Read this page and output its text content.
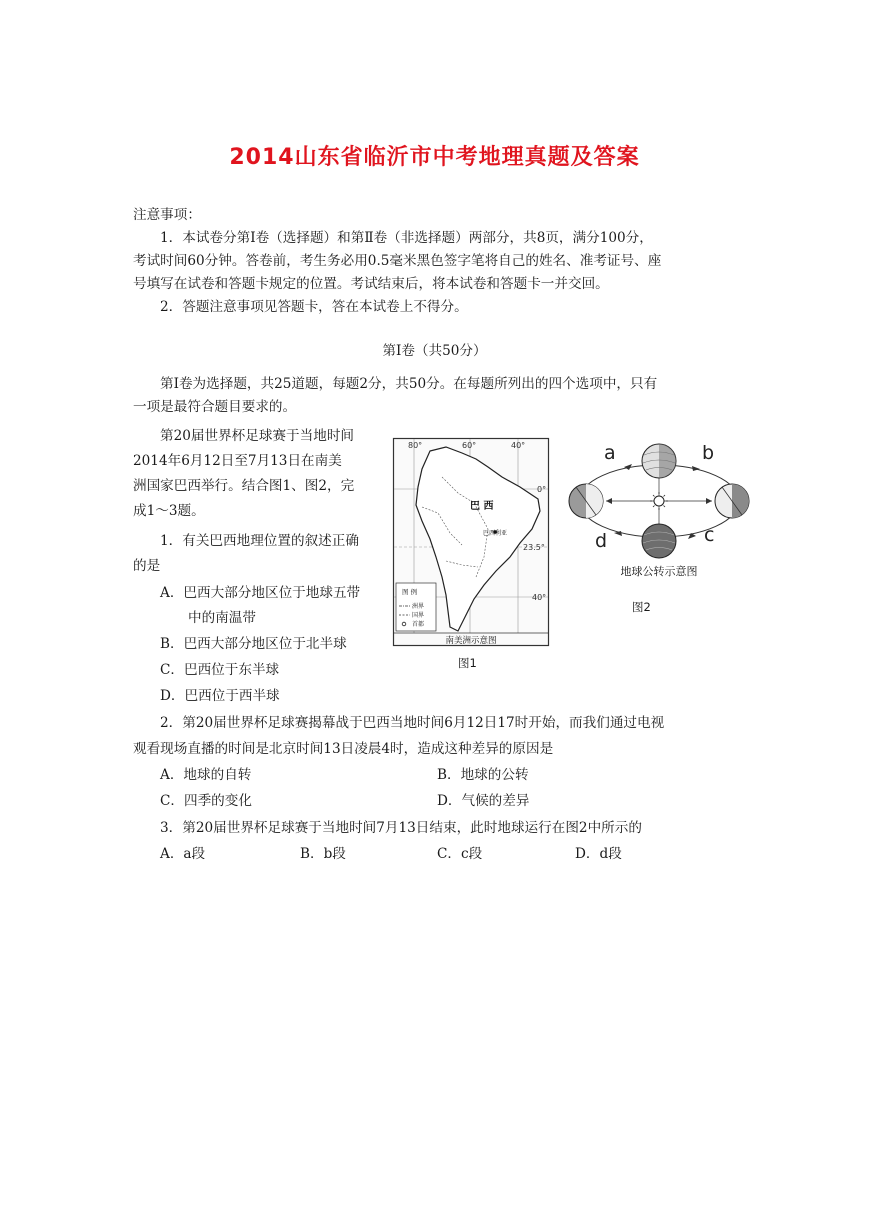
2014山东省临沂市中考地理真题及答案
注意事项：
1．本试卷分第Ⅰ卷（选择题）和第Ⅱ卷（非选择题）两部分，共8页，满分100分，
考试时间60分钟。答卷前，考生务必用0.5毫米黑色签字笔将自己的姓名、准考证号、座
号填写在试卷和答题卡规定的位置。考试结束后，将本试卷和答题卡一并交回。
2．答题注意事项见答题卡，答在本试卷上不得分。
第Ⅰ卷（共50分）
第Ⅰ卷为选择题，共25道题，每题2分，共50分。在每题所列出的四个选项中，只有
一项是最符合题目要求的。
第20届世界杯足球赛于当地时间
2014年6月12日至7月13日在南美
洲国家巴西举行。结合图1、图2，完
成1～3题。
1．有关巴西地理位置的叙述正确
的是
A．巴西大部分地区位于地球五带
中的南温带
B．巴西大部分地区位于北半球
C．巴西位于东半球
D．巴西位于西半球
2．第20届世界杯足球赛揭幕战于巴西当地时间6月12日17时开始，而我们通过电视
观看现场直播的时间是北京时间13日凌晨4时，造成这种差异的原因是
A．地球的自转	B．地球的公转
C．四季的变化	D．气候的差异
3．第20届世界杯足球赛于当地时间7月13日结束，此时地球运行在图2中所示的
A．a段	B．b段	C．c段	D．d段
80°	60°	40°
0°
23.5°
40°
巴 西
巴西利亚
图 例
洲界
国界
首都
南美洲示意图
图1
a	b
c
d
地球公转示意图
图2
